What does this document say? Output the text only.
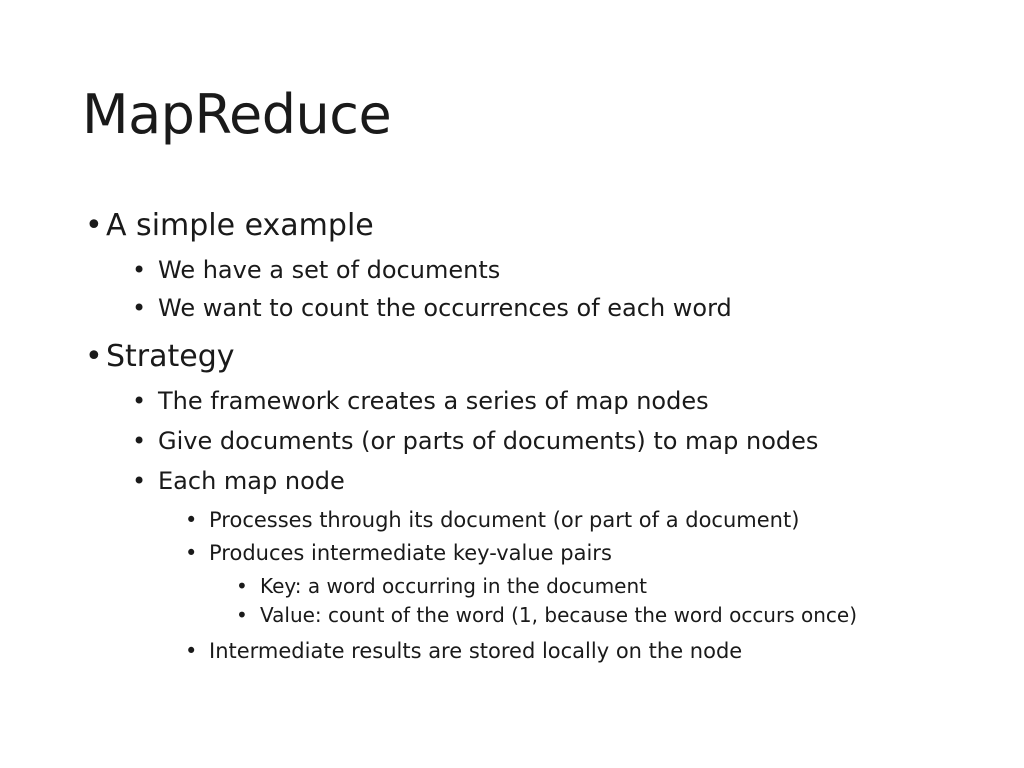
MapReduce
• A simple example
• We have a set of documents
• We want to count the occurrences of each word
• Strategy
• The framework creates a series of map nodes
• Give documents (or parts of documents) to map nodes
• Each map node
• Processes through its document (or part of a document)
• Produces intermediate key-value pairs
• Key: a word occurring in the document
• Value: count of the word (1, because the word occurs once)
• Intermediate results are stored locally on the node
